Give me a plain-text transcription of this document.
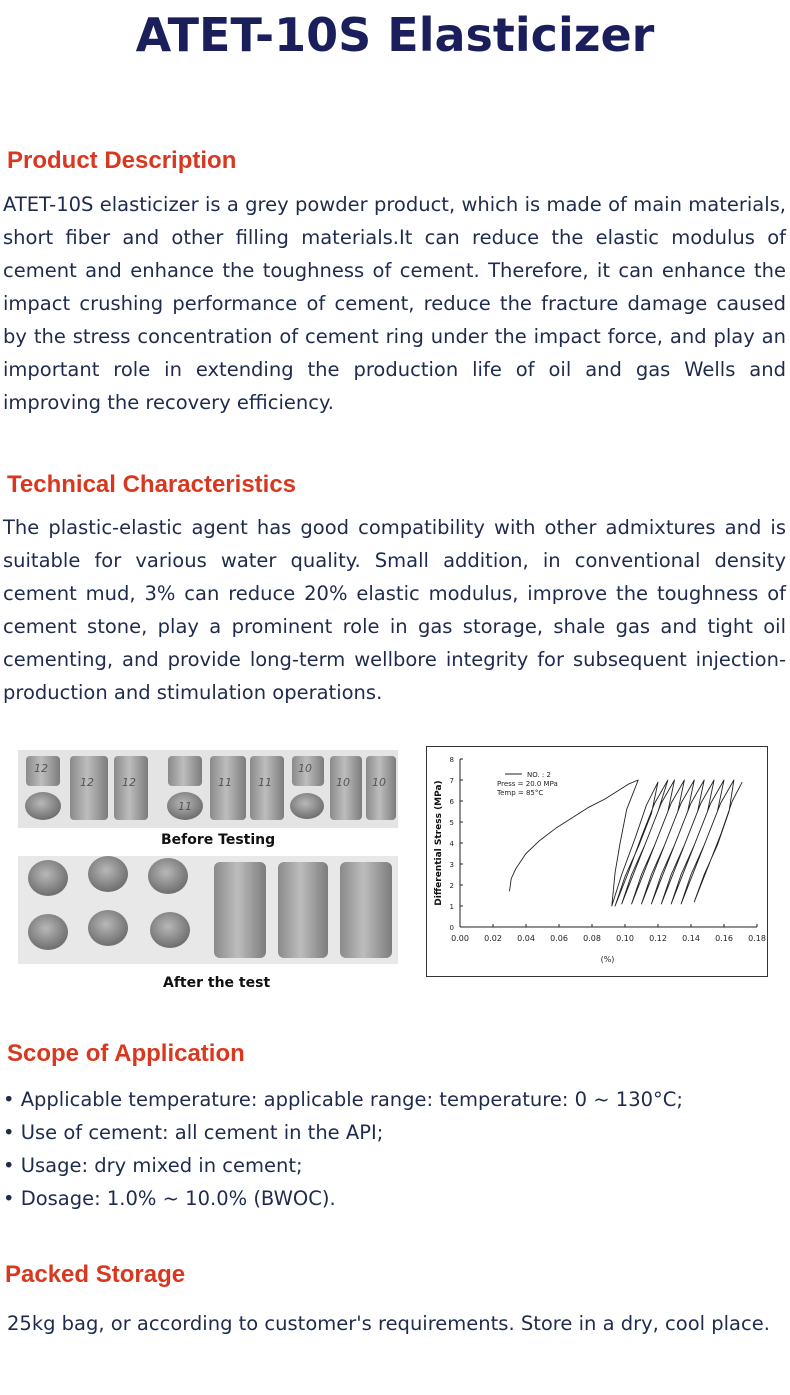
ATET-10S Elasticizer
Product Description

ATET-10S elasticizer is a grey powder product, which is made of main materials, short fiber and other filling materials.It can reduce the elastic modulus of cement and enhance the toughness of cement. Therefore, it can enhance the impact crushing performance of cement, reduce the fracture damage caused by the stress concentration of cement ring under the impact force, and play an important role in extending the production life of oil and gas Wells and improving the recovery efficiency.

Technical Characteristics

The plastic-elastic agent has good compatibility with other admixtures and is suitable for various water quality. Small addition, in conventional density cement mud, 3% can reduce 20% elastic modulus, improve the toughness of cement stone, play a prominent role in gas storage, shale gas and tight oil cementing, and provide long-term wellbore integrity for subsequent injection-production and stimulation operations.

12
12	12	11 11
11
10
10 10
Before Testing
After the test
0.00 0.02 0.04 0.06 0.08 0.10 0.12 0.14 0.16 0.18
0
1
2
3
4
5
6
7
8
Differential Stress (MPa)
(%)
NO. : 2
Press = 20.0 MPa
Temp = 85°C
Scope of Application
• Applicable temperature: applicable range: temperature: 0 ~ 130°C;
• Use of cement: all cement in the API;
• Usage: dry mixed in cement;
• Dosage: 1.0% ~ 10.0% (BWOC).
Packed Storage

25kg bag, or according to customer's requirements. Store in a dry, cool place.
